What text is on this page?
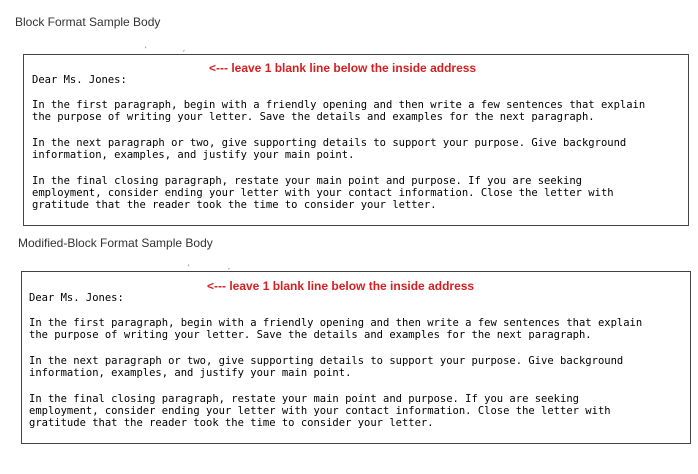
Block Format Sample Body
'	,
<--- leave 1 blank line below the inside address

Dear Ms. Jones:

In the first paragraph, begin with a friendly opening and then write a few sentences that explain
the purpose of writing your letter. Save the details and examples for the next paragraph.

In the next paragraph or two, give supporting details to support your purpose. Give background
information, examples, and justify your main point.

In the final closing paragraph, restate your main point and purpose. If you are seeking
employment, consider ending your letter with your contact information. Close the letter with
gratitude that the reader took the time to consider your letter.

Modified-Block Format Sample Body
'	,
<--- leave 1 blank line below the inside address

Dear Ms. Jones:

In the first paragraph, begin with a friendly opening and then write a few sentences that explain
the purpose of writing your letter. Save the details and examples for the next paragraph.

In the next paragraph or two, give supporting details to support your purpose. Give background
information, examples, and justify your main point.

In the final closing paragraph, restate your main point and purpose. If you are seeking
employment, consider ending your letter with your contact information. Close the letter with
gratitude that the reader took the time to consider your letter.
